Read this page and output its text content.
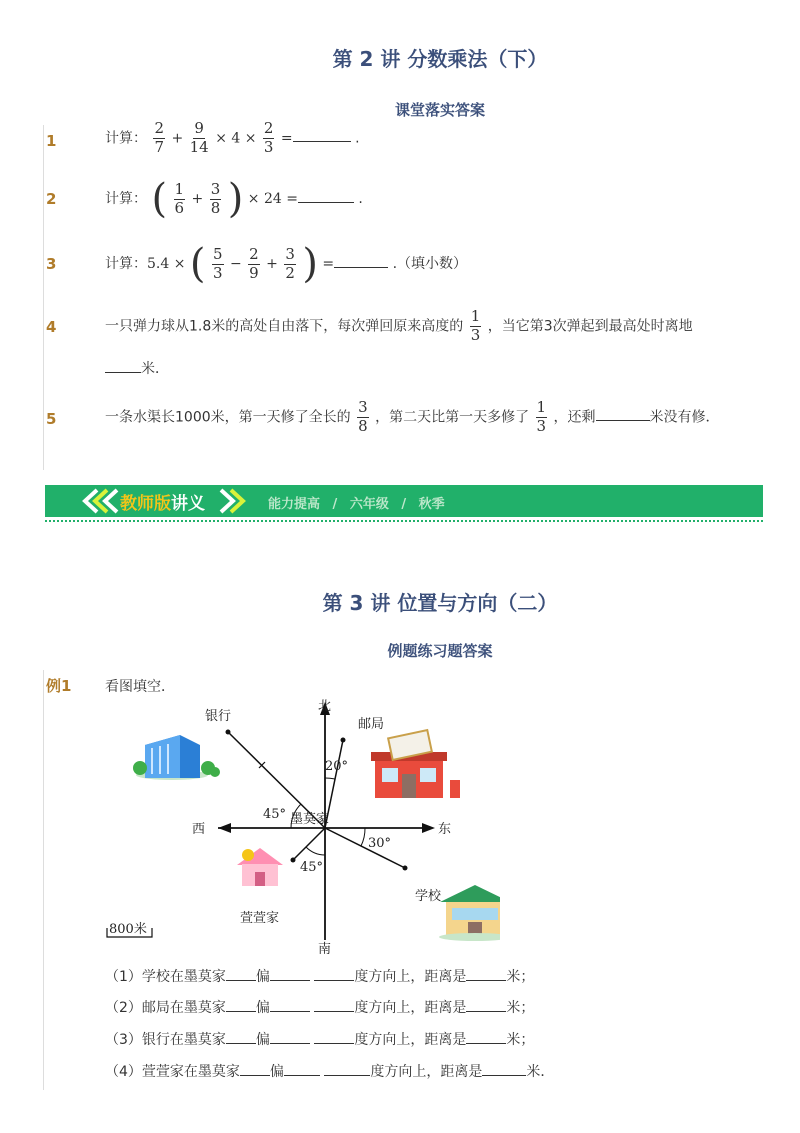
第 2 讲 分数乘法（下）
课堂落实答案
1	计算： $\frac{2}{7} + \frac{9}{14} \times 4 \times \frac{2}{3}$ =	.
2	计算： ( $\frac{1}{6} + \frac{3}{8}$ ) × 24 =	.
3	计算：5.4 × ( $\frac{5}{3} - \frac{2}{9} + \frac{3}{2}$ ) =	.（填小数）
4	一只弹力球从1.8米的高处自由落下，每次弹回原来高度的 $\frac{1}{3}$ ，当它第3次弹起到最高处时离地
米．
5	一条水渠长1000米，第一天修了全长的 $\frac{3}{8}$ ，第二天比第一天多修了 $\frac{1}{3}$ ，还剩	米没有修．
教师版讲义	能力提高 / 六年级 / 秋季
第 3 讲 位置与方向（二）
例题练习题答案
例1 看图填空．
北
南
东
西
墨莫家
银行
邮局
学校
萱萱家
20°
45°
30°
45°
800米
（1）学校在墨莫家 偏	度方向上，距离是	米；
（2）邮局在墨莫家 偏	度方向上，距离是	米；
（3）银行在墨莫家 偏	度方向上，距离是	米；
（4）萱萱家在墨莫家 偏	度方向上，距离是	米．
